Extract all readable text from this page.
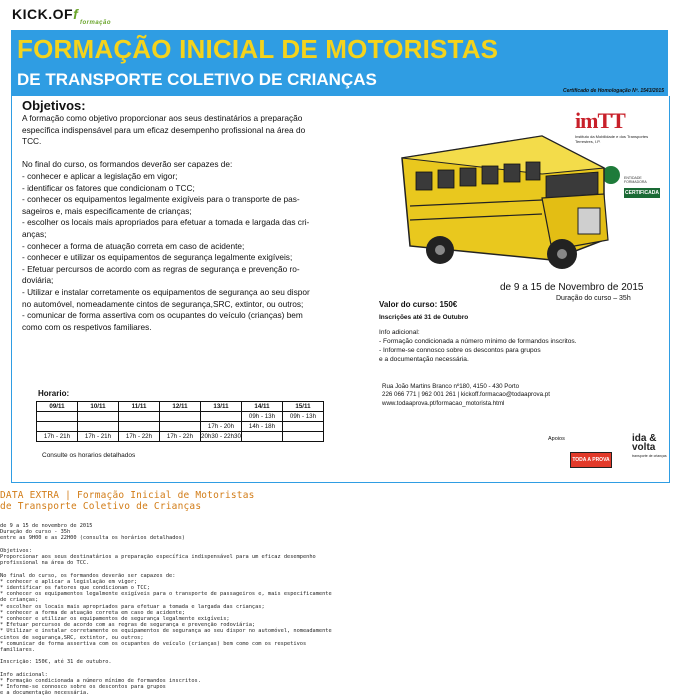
KICK.OFf
formação
FORMAÇÃO INICIAL DE MOTORISTAS
DE TRANSPORTE COLETIVO DE CRIANÇAS
Certificado de Homologação Nº. 1543/2015
Objetivos:

A formação como objetivo proporcionar aos seus destinatários a preparação

específica indispensável para um eficaz desempenho profissional na área do

TCC.

No final do curso, os formandos deverão ser capazes de:

- conhecer e aplicar a legislação em vigor;

- identificar os fatores que condicionam o TCC;

- conhecer os equipamentos legalmente exigíveis para o transporte de pas-

sageiros e, mais especificamente de crianças;

- escolher os locais mais apropriados para efetuar a tomada e largada das cri-

anças;

- conhecer a forma de atuação correta em caso de acidente;

- conhecer e utilizar os equipamentos de segurança legalmente exigíveis;

- Efetuar percursos de acordo com as regras de segurança e prevenção ro-

doviária;

- Utilizar e instalar corretamente os equipamentos de segurança ao seu dispor

no automóvel, nomeadamente cintos de segurança,SRC, extintor, ou outros;

- comunicar de forma assertiva com os ocupantes do veículo (crianças) bem

como com os respetivos familiares.

imTT
Instituto da Mobilidade e dos Transportes Terrestres, I.P.
ENTIDADE FORMADORA
CERTIFICADA
de 9 a 15 de Novembro de 2015
Duração do curso – 35h
Valor do curso: 150€
Inscrições até 31 de Outubro

Info adicional:

- Formação condicionada a número mínimo de formandos inscritos.

- Informe-se connosco sobre os descontos para grupos

e a documentação necessária.

Rua João Martins Branco nº180, 4150 - 430 Porto

226 066 771 | 962 001 261 | kickoff.formacao@todaaprova.pt

www.todaaprova.pt/formacao_motorista.html

Horario:
09/11	10/11	11/11	12/11	13/11	14/11	15/11
					09h - 13h	09h - 13h
				17h - 20h	14h - 18h	
17h - 21h	17h - 21h	17h - 22h	17h - 22h	20h30 - 22h30		
Consulte os horarios detalhados
Apoios
TODA A PROVA
ida & volta
transporte de crianças
DATA EXTRA | Formação Inicial de Motoristas
de Transporte Coletivo de Crianças

de 9 a 15 de novembro de 2015

Duração do curso - 35h

entre as 9H00 e as 22H00 (consulta os horários detalhados)

Objetivos:

Proporcionar aos seus destinatários a preparação específica indispensável para um eficaz desempenho

profissional na área do TCC.

No final do curso, os formandos deverão ser capazes de:

* conhecer e aplicar a legislação em vigor;

* identificar os fatores que condicionam o TCC;

* conhecer os equipamentos legalmente exigíveis para o transporte de passageiros e, mais especificamente

de crianças;

* escolher os locais mais apropriados para efetuar a tomada e largada das crianças;

* conhecer a forma de atuação correta em caso de acidente;

* conhecer e utilizar os equipamentos de segurança legalmente exigíveis;

* Efetuar percursos de acordo com as regras de segurança e prevenção rodoviária;

* Utilizar e instalar corretamente os equipamentos de segurança ao seu dispor no automóvel, nomeadamente

cintos de segurança,SRC, extintor, ou outros;

* comunicar de forma assertiva com os ocupantes do veículo (crianças) bem como com os respetivos

familiares.

Inscrição: 150€, até 31 de outubro.

Info adicional:

* Formação condicionada a número mínimo de formandos inscritos.

* Informe-se connosco sobre os descontos para grupos

e a documentação necessária.
